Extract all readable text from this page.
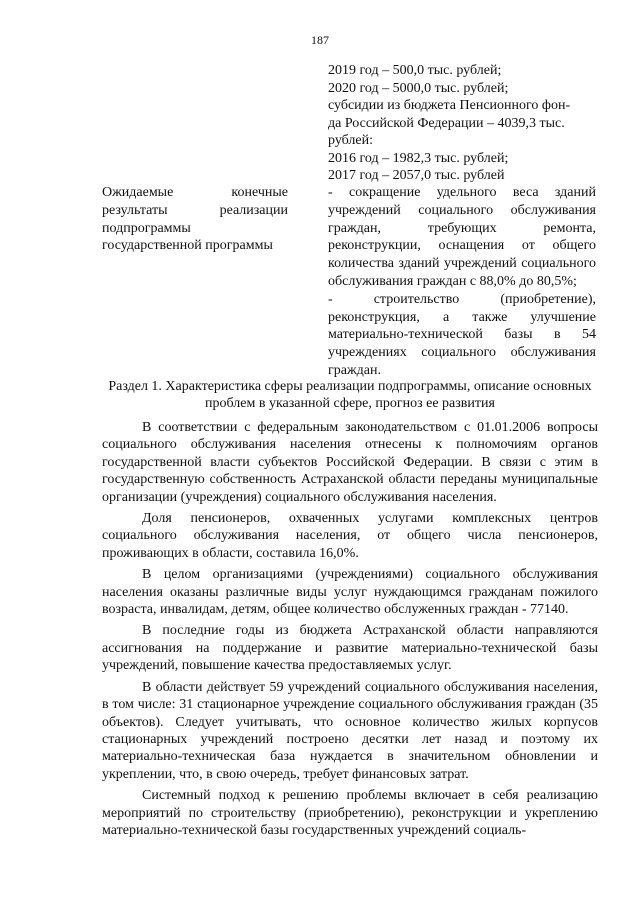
187
2019 год – 500,0 тыс. рублей;
2020 год – 5000,0 тыс. рублей;
субсидии из бюджета Пенсионного фон-
да Российской Федерации – 4039,3 тыс.
рублей:
2016 год – 1982,3 тыс. рублей;
2017 год – 2057,0 тыс. рублей
Ожидаемые конечные результаты реализации подпрограммы государственной программы

- сокращение удельного веса зданий учреждений социального обслуживания граждан, требующих ремонта, реконструкции, оснащения от общего количества зданий учреждений социального обслуживания граждан с 88,0% до 80,5%;

- строительство (приобретение), реконструкция, а также улучшение материально-технической базы в 54 учреждениях социального обслуживания граждан.

Раздел 1. Характеристика сферы реализации подпрограммы, описание основных проблем в указанной сфере, прогноз ее развития

В соответствии с федеральным законодательством с 01.01.2006 вопросы социального обслуживания населения отнесены к полномочиям органов государственной власти субъектов Российской Федерации. В связи с этим в государственную собственность Астраханской области переданы муниципальные организации (учреждения) социального обслуживания населения.

Доля пенсионеров, охваченных услугами комплексных центров социального обслуживания населения, от общего числа пенсионеров, проживающих в области, составила 16,0%.

В целом организациями (учреждениями) социального обслуживания населения оказаны различные виды услуг нуждающимся гражданам пожилого возраста, инвалидам, детям, общее количество обслуженных граждан - 77140.

В последние годы из бюджета Астраханской области направляются ассигнования на поддержание и развитие материально-технической базы учреждений, повышение качества предоставляемых услуг.

В области действует 59 учреждений социального обслуживания населения, в том числе: 31 стационарное учреждение социального обслуживания граждан (35 объектов). Следует учитывать, что основное количество жилых корпусов стационарных учреждений построено десятки лет назад и поэтому их материально-техническая база нуждается в значительном обновлении и укреплении, что, в свою очередь, требует финансовых затрат.

Системный подход к решению проблемы включает в себя реализацию мероприятий по строительству (приобретению), реконструкции и укреплению материально-технической базы государственных учреждений социаль-
